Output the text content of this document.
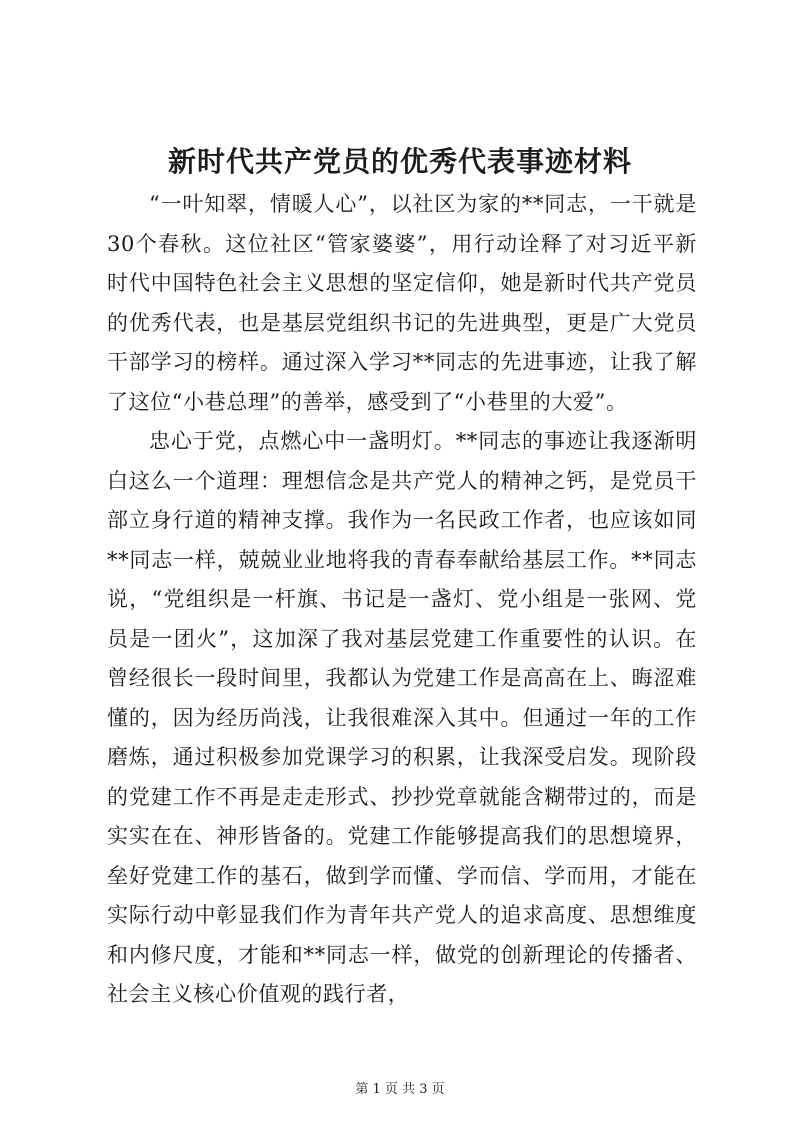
新时代共产党员的优秀代表事迹材料

“一叶知翠，情暖人心”，以社区为家的**同志，一干就是30个春秋。这位社区“管家婆婆”，用行动诠释了对习近平新时代中国特色社会主义思想的坚定信仰，她是新时代共产党员的优秀代表，也是基层党组织书记的先进典型，更是广大党员干部学习的榜样。通过深入学习**同志的先进事迹，让我了解了这位“小巷总理”的善举，感受到了“小巷里的大爱”。

忠心于党，点燃心中一盏明灯。**同志的事迹让我逐渐明白这么一个道理：理想信念是共产党人的精神之钙，是党员干部立身行道的精神支撑。我作为一名民政工作者，也应该如同**同志一样，兢兢业业地将我的青春奉献给基层工作。**同志说，“党组织是一杆旗、书记是一盏灯、党小组是一张网、党员是一团火”，这加深了我对基层党建工作重要性的认识。在曾经很长一段时间里，我都认为党建工作是高高在上、晦涩难懂的，因为经历尚浅，让我很难深入其中。但通过一年的工作磨炼，通过积极参加党课学习的积累，让我深受启发。现阶段的党建工作不再是走走形式、抄抄党章就能含糊带过的，而是实实在在、神形皆备的。党建工作能够提高我们的思想境界，垒好党建工作的基石，做到学而懂、学而信、学而用，才能在实际行动中彰显我们作为青年共产党人的追求高度、思想维度和内修尺度，才能和**同志一样，做党的创新理论的传播者、社会主义核心价值观的践行者，

第 1 页 共 3 页
